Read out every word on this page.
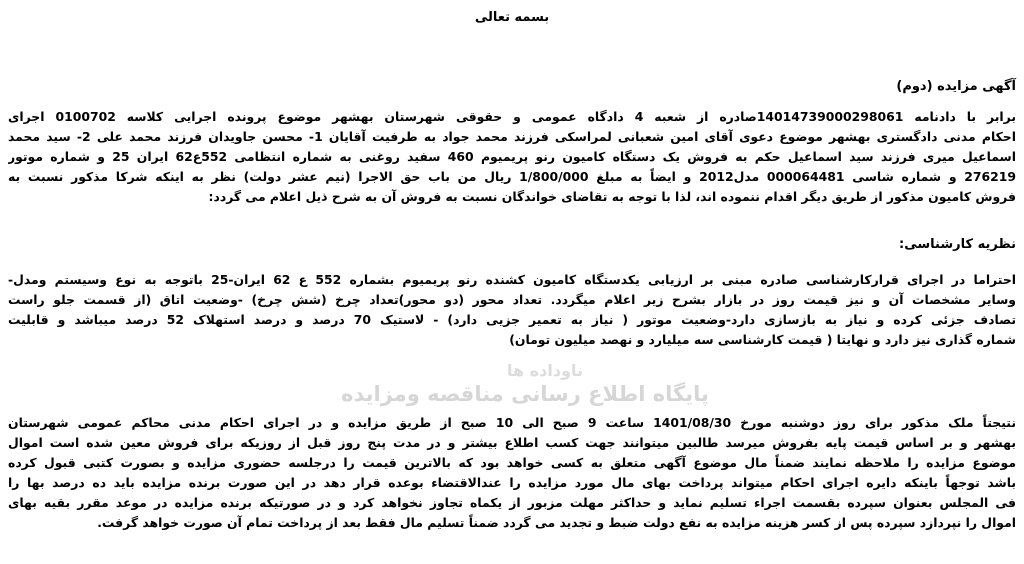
بسمه تعالی
آگهی مزایده (دوم)
برابر با دادنامه 14014739000298061صادره از شعبه 4 دادگاه عمومی و حقوقی شهرستان بهشهر موضوع پرونده اجرایی کلاسه 0100702 اجرای
احکام مدنی دادگستری بهشهر موضوع دعوی آقای امین شعبانی لمراسکی فرزند محمد جواد به طرفیت آقایان 1- محسن جاویدان فرزند محمد علی 2- سید محمد
اسماعیل میری فرزند سید اسماعیل حکم به فروش یک دستگاه کامیون رنو پریمیوم 460 سفید روغنی به شماره انتظامی 552ع62 ایران 25 و شماره موتور
276219 و شماره شاسی 000064481 مدل2012 و ایضاً به مبلغ 1/800/000 ریال من باب حق الاجرا (نیم عشر دولت) نظر به اینکه شرکا مذکور نسبت به
فروش کامیون مذکور از طریق دیگر اقدام ننموده اند، لذا با توجه به تقاضای خواندگان نسبت به فروش آن به شرح ذیل اعلام می گردد:
نظریه کارشناسی:
احتراما در اجرای قرارکارشناسی صادره مبنی بر ارزیابی یکدستگاه کامیون کشنده رنو پریمیوم بشماره 552 ع 62 ایران-25 باتوجه به نوع وسیستم ومدل-
وسایر مشخصات آن و نیز قیمت روز در بازار بشرح زیر اعلام میگردد. تعداد محور (دو محور)تعداد چرخ (شش چرخ) -وضعیت اتاق (از قسمت جلو راست
تصادف جزئی کرده و نیاز به بازسازی دارد-وضعیت موتور ( نیاز به تعمیر جزیی دارد) - لاستیک 70 درصد و درصد استهلاک 52 درصد میباشد و قابلیت
شماره گذاری نیز دارد و نهایتا ( قیمت کارشناسی سه میلیارد و نهصد میلیون تومان)
ناوداده ها
پایگاه اطلاع رسانی مناقصه ومزایده
نتیجتاً ملک مذکور برای روز دوشنبه مورخ 1401/08/30 ساعت 9 صبح الی 10 صبح از طریق مزایده و در اجرای احکام مدنی محاکم عمومی شهرستان
بهشهر و بر اساس قیمت پایه بفروش میرسد طالبین میتوانند جهت کسب اطلاع بیشتر و در مدت پنج روز قبل از روزیکه برای فروش معین شده است اموال
موضوع مزایده را ملاحظه نمایند ضمناً مال موضوع آگهی متعلق به کسی خواهد بود که بالاترین قیمت را درجلسه حضوری مزایده و بصورت کتبی قبول کرده
باشد توجهاً باینکه دایره اجرای احکام میتواند پرداخت بهای مال مورد مزایده را عندالاقتضاء بوعده قرار دهد در این صورت برنده مزایده باید ده درصد بها را
فی المجلس بعنوان سپرده بقسمت اجراء تسلیم نماید و حداکثر مهلت مزبور از یکماه تجاوز نخواهد کرد و در صورتیکه برنده مزایده در موعد مقرر بقیه بهای
اموال را نپردازد سپرده پس از کسر هزینه مزایده به نفع دولت ضبط و تجدید می گردد ضمناً تسلیم مال فقط بعد از پرداخت تمام آن صورت خواهد گرفت.
